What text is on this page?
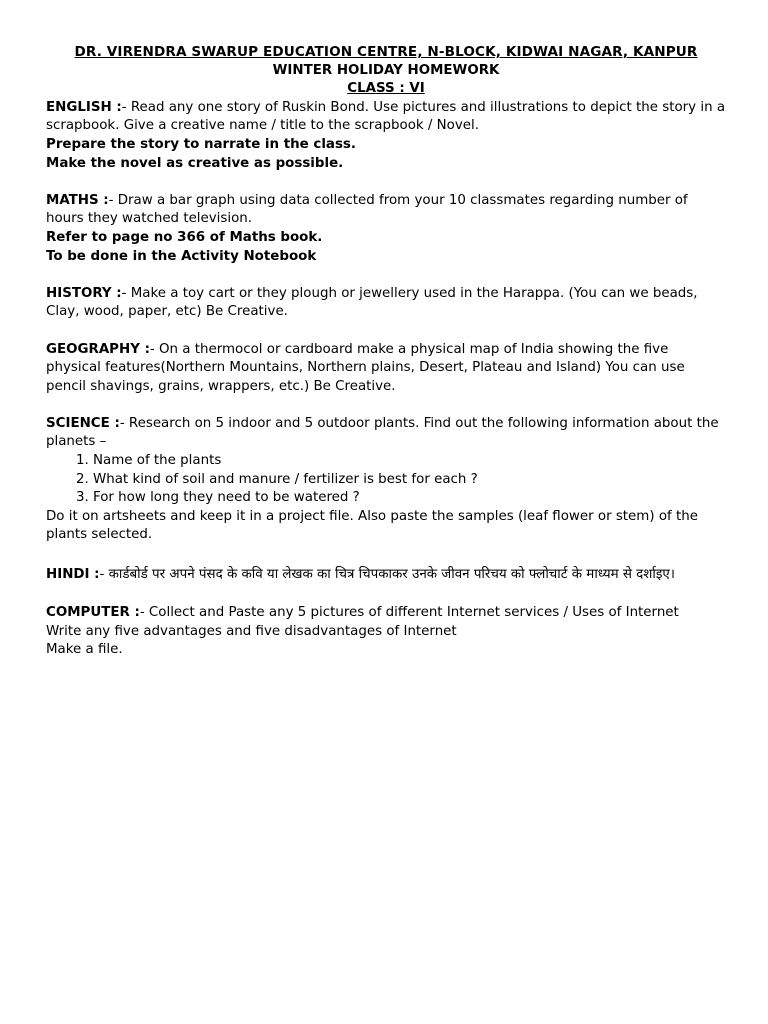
DR. VIRENDRA SWARUP EDUCATION CENTRE, N-BLOCK, KIDWAI NAGAR, KANPUR

WINTER HOLIDAY HOMEWORK

CLASS : VI

ENGLISH :- Read any one story of Ruskin Bond. Use pictures and illustrations to depict the story in a scrapbook. Give a creative name / title to the scrapbook / Novel.

Prepare the story to narrate in the class.

Make the novel as creative as possible.

MATHS :- Draw a bar graph using data collected from your 10 classmates regarding number of hours they watched television.

Refer to page no 366 of Maths book.

To be done in the Activity Notebook

HISTORY :- Make a toy cart or they plough or jewellery used in the Harappa. (You can we beads, Clay, wood, paper, etc) Be Creative.

GEOGRAPHY :- On a thermocol or cardboard make a physical map of India showing the five physical features(Northern Mountains, Northern plains, Desert, Plateau and Island) You can use pencil shavings, grains, wrappers, etc.) Be Creative.

SCIENCE :- Research on 5 indoor and 5 outdoor plants. Find out the following information about the planets –

1. Name of the plants
2. What kind of soil and manure / fertilizer is best for each ?
3. For how long they need to be watered ?

Do it on artsheets and keep it in a project file. Also paste the samples (leaf flower or stem) of the plants selected.

HINDI :- कार्डबोर्ड पर अपने पंसद के कवि या लेखक का चित्र चिपकाकर उनके जीवन परिचय को फ्लोचार्ट के माध्यम से दर्शाइए।

COMPUTER :- Collect and Paste any 5 pictures of different Internet services / Uses of Internet

Write any five advantages and five disadvantages of Internet

Make a file.
